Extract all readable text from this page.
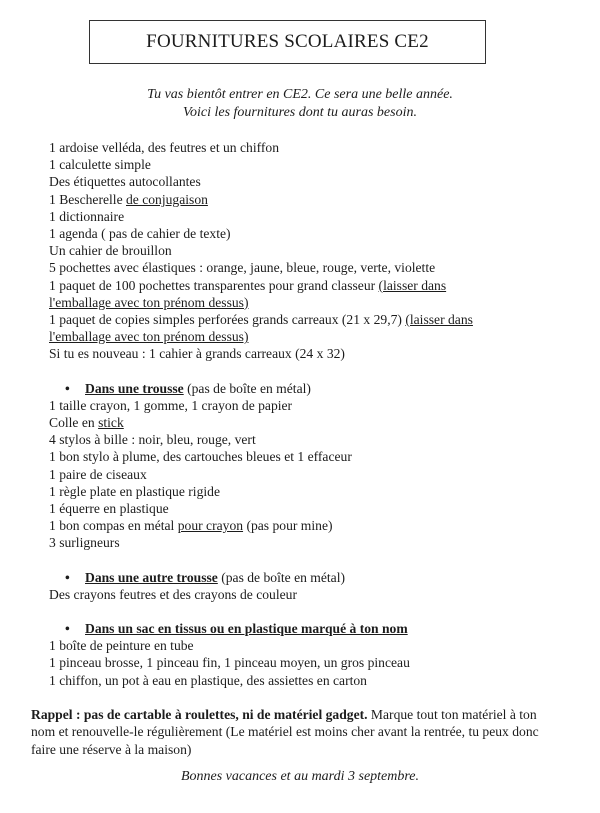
FOURNITURES SCOLAIRES CE2
Tu vas bientôt entrer en CE2. Ce sera une belle année.
Voici les fournitures dont tu auras besoin.
1 ardoise velléda, des feutres et un chiffon
1 calculette simple
Des étiquettes autocollantes
1 Bescherelle de conjugaison
1 dictionnaire
1 agenda ( pas de cahier de texte)
Un cahier de brouillon
5 pochettes avec élastiques : orange, jaune, bleue, rouge, verte, violette
1 paquet de 100 pochettes transparentes pour grand classeur (laisser dans
l'emballage avec ton prénom dessus)
1 paquet de copies simples perforées grands carreaux (21 x 29,7) (laisser dans
l'emballage avec ton prénom dessus)
Si tu es nouveau : 1 cahier à grands carreaux (24 x 32)
• Dans une trousse (pas de boîte en métal)
1 taille crayon, 1 gomme, 1 crayon de papier
Colle en stick
4 stylos à bille : noir, bleu, rouge, vert
1 bon stylo à plume, des cartouches bleues et 1 effaceur
1 paire de ciseaux
1 règle plate en plastique rigide
1 équerre en plastique
1 bon compas en métal pour crayon (pas pour mine)
3 surligneurs
• Dans une autre trousse (pas de boîte en métal)
Des crayons feutres et des crayons de couleur
• Dans un sac en tissus ou en plastique marqué à ton nom
1 boîte de peinture en tube
1 pinceau brosse, 1 pinceau fin, 1 pinceau moyen, un gros pinceau
1 chiffon, un pot à eau en plastique, des assiettes en carton
Rappel : pas de cartable à roulettes, ni de matériel gadget. Marque tout ton matériel à ton nom et renouvelle-le régulièrement (Le matériel est moins cher avant la rentrée, tu peux donc faire une réserve à la maison)
Bonnes vacances et au mardi 3 septembre.
